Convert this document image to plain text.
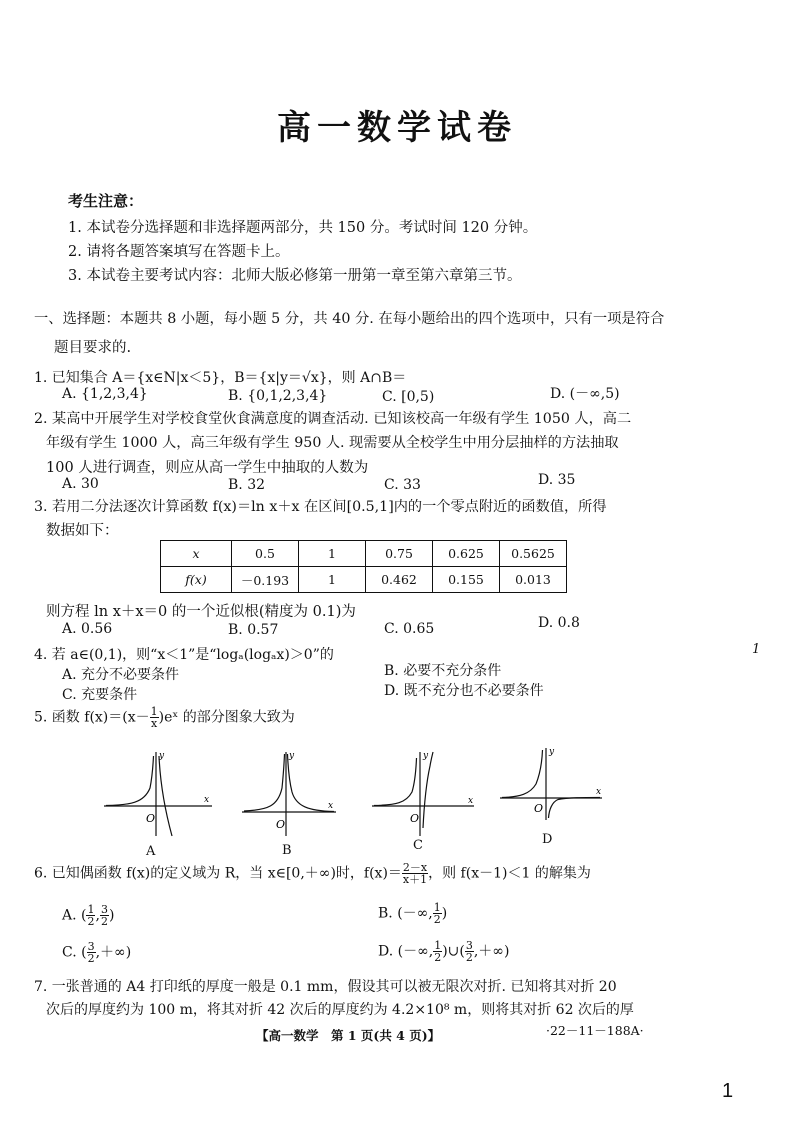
高一数学试卷
考生注意：
1. 本试卷分选择题和非选择题两部分，共 150 分。考试时间 120 分钟。
2. 请将各题答案填写在答题卡上。
3. 本试卷主要考试内容：北师大版必修第一册第一章至第六章第三节。
一、选择题：本题共 8 小题，每小题 5 分，共 40 分. 在每小题给出的四个选项中，只有一项是符合
题目要求的.
1. 已知集合 A＝{x∈N|x＜5}，B＝{x|y＝√x}，则 A∩B＝
A. {1,2,3,4}	B. {0,1,2,3,4}	C. [0,5)	D. (－∞,5)
2. 某高中开展学生对学校食堂伙食满意度的调查活动. 已知该校高一年级有学生 1050 人，高二
年级有学生 1000 人，高三年级有学生 950 人. 现需要从全校学生中用分层抽样的方法抽取
100 人进行调查，则应从高一学生中抽取的人数为
A. 30	B. 32	C. 33	D. 35
3. 若用二分法逐次计算函数 f(x)＝ln x＋x 在区间[0.5,1]内的一个零点附近的函数值，所得
数据如下：
x	0.5	1	0.75	0.625	0.5625
f(x)	－0.193	1	0.462	0.155	0.013
则方程 ln x＋x＝0 的一个近似根(精度为 0.1)为
A. 0.56	B. 0.57	C. 0.65	D. 0.8
4. 若 a∈(0,1)，则“x＜1”是“logₐ(logₐx)＞0”的
A. 充分不必要条件	B. 必要不充分条件
C. 充要条件	D. 既不充分也不必要条件
5. 函数 $f(x)=(x- \frac{1}{x}$ )eˣ 的部分图象大致为
O
x
y
O
x
y
O
x
y
O
x
y
A	B	C	D
6. 已知偶函数 f(x)的定义域为 R，当 x∈[0,＋∞)时，$f(x)= \frac{2-x}{x+1}$ ，则 f(x－1)＜1 的解集为
A. ( $\frac{1}{2}$ , $\frac{3}{2}$ )	B. (－∞, $\frac{1}{2}$ )
C. ( $\frac{3}{2}$ ,＋∞)	D. (－∞, $\frac{1}{2}$ )∪( $\frac{3}{2}$ ,＋∞)
7. 一张普通的 A4 打印纸的厚度一般是 0.1 mm，假设其可以被无限次对折. 已知将其对折 20
次后的厚度约为 100 m，将其对折 42 次后的厚度约为 4.2×10⁸ m，则将其对折 62 次后的厚
【高一数学　第 1 页(共 4 页)】	·22－11－188A·
1
1
